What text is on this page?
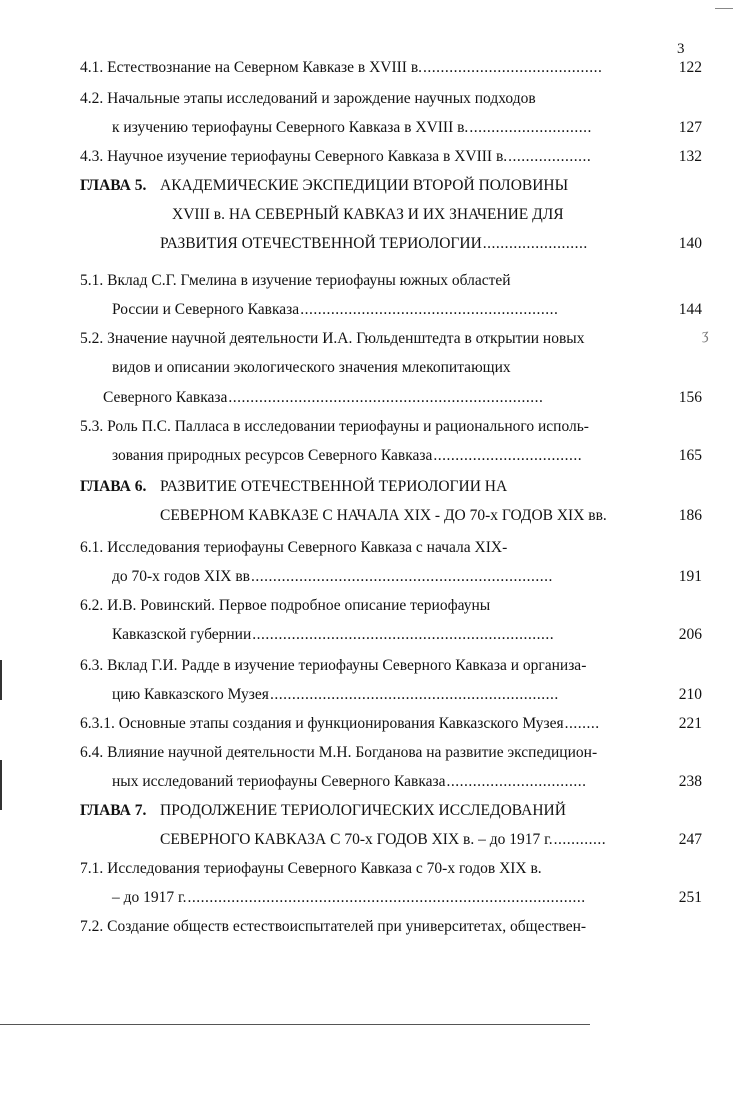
3
ʒ
4.1. Естествознание на Северном Кавказе в XVIII в. .........................................	122
4.2. Начальные этапы исследований и зарождение научных подходов
к изучению териофауны Северного Кавказа в XVIII в. ............................	127
4.3. Научное изучение териофауны Северного Кавказа в XVIII в. ...................	132
ГЛАВА 5. АКАДЕМИЧЕСКИЕ ЭКСПЕДИЦИИ ВТОРОЙ ПОЛОВИНЫ
XVIII в. НА СЕВЕРНЫЙ КАВКАЗ И ИХ ЗНАЧЕНИЕ ДЛЯ
РАЗВИТИЯ ОТЕЧЕСТВЕННОЙ ТЕРИОЛОГИИ ........................	140
5.1. Вклад С.Г. Гмелина в изучение териофауны южных областей
России и Северного Кавказа ...........................................................	144
5.2. Значение научной деятельности И.А. Гюльденштедта в открытии новых
видов и описании экологического значения млекопитающих
Северного Кавказа ........................................................................	156
5.3. Роль П.С. Палласа в исследовании териофауны и рационального исполь-
зования природных ресурсов Северного Кавказа ..................................	165
ГЛАВА 6. РАЗВИТИЕ ОТЕЧЕСТВЕННОЙ ТЕРИОЛОГИИ НА
СЕВЕРНОМ КАВКАЗЕ С НАЧАЛА XIX - ДО 70-х ГОДОВ XIX вв.	186
6.1. Исследования териофауны Северного Кавказа с начала XIX-
до 70-х годов XIX вв .....................................................................	191
6.2. И.В. Ровинский. Первое подробное описание териофауны
Кавказской губернии .....................................................................	206
6.3. Вклад Г.И. Радде в изучение териофауны Северного Кавказа и организа-
цию Кавказского Музея ..................................................................	210
6.3.1. Основные этапы создания и функционирования Кавказского Музея ........	221
6.4. Влияние научной деятельности М.Н. Богданова на развитие экспедицион-
ных исследований териофауны Северного Кавказа ................................	238
ГЛАВА 7. ПРОДОЛЖЕНИЕ ТЕРИОЛОГИЧЕСКИХ ИССЛЕДОВАНИЙ
СЕВЕРНОГО КАВКАЗА С 70-х ГОДОВ XIX в. – до 1917 г. ............	247
7.1. Исследования териофауны Северного Кавказа с 70-х годов XIX в.
– до 1917 г. ...........................................................................................	251
7.2. Создание обществ естествоиспытателей при университетах, обществен-
